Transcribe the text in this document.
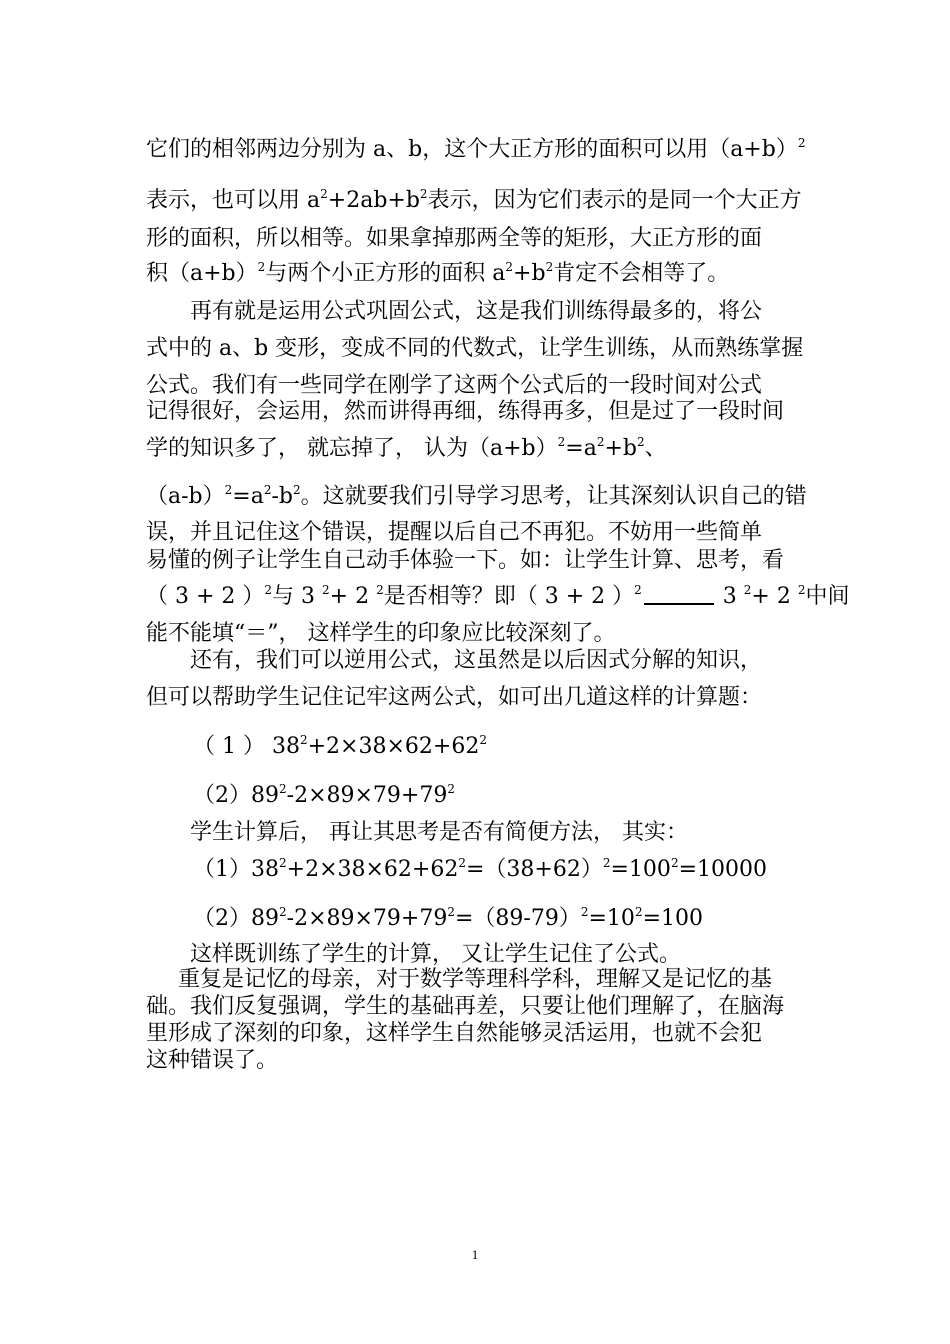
它们的相邻两边分别为 a、b，这个大正方形的面积可以用$(a+b)^2$

表示，也可以用 $a^2+2ab+b^2$表示，因为它们表示的是同一个大正方

形的面积，所以相等。如果拿掉那两全等的矩形，大正方形的面

积$(a+b)^2$与两个小正方形的面积 $a^2+b^2$肯定不会相等了。

再有就是运用公式巩固公式，这是我们训练得最多的，将公

式中的 a、b 变形，变成不同的代数式，让学生训练，从而熟练掌握

公式。我们有一些同学在刚学了这两个公式后的一段时间对公式

记得很好，会运用，然而讲得再细，练得再多，但是过了一段时间

学的知识多了， 就忘掉了， 认为$(a+b)^2=a^2+b^2$、

$(a-b)^2=a^2-b^2$。这就要我们引导学习思考，让其深刻认识自己的错

误，并且记住这个错误，提醒以后自己不再犯。不妨用一些简单

易懂的例子让学生自己动手体验一下。如：让学生计算、思考，看

（ 3 + 2 ）$^2$与 3 $^2$+ 2 $^2$是否相等？即（ 3 + 2 ）$^2$	3 $^2$+ 2 $^2$中间

能不能填“＝”， 这样学生的印象应比较深刻了。

还有，我们可以逆用公式，这虽然是以后因式分解的知识，

但可以帮助学生记住记牢这两公式，如可出几道这样的计算题：

（ 1 ） $38^2+2\times 38\times 62+62^2$

$(2)89^2-2\times 89\times 79+79^2$

学生计算后， 再让其思考是否有简便方法， 其实：

$(1)38^2+2\times 38\times 62+62^2=(38+62)^2=100^2=10000$

$(2)89^2-2\times 89\times 79+79^2=(89-79)^2=10^2=100$

这样既训练了学生的计算， 又让学生记住了公式。

重复是记忆的母亲，对于数学等理科学科，理解又是记忆的基

础。我们反复强调，学生的基础再差，只要让他们理解了，在脑海

里形成了深刻的印象，这样学生自然能够灵活运用，也就不会犯

这种错误了。

1
